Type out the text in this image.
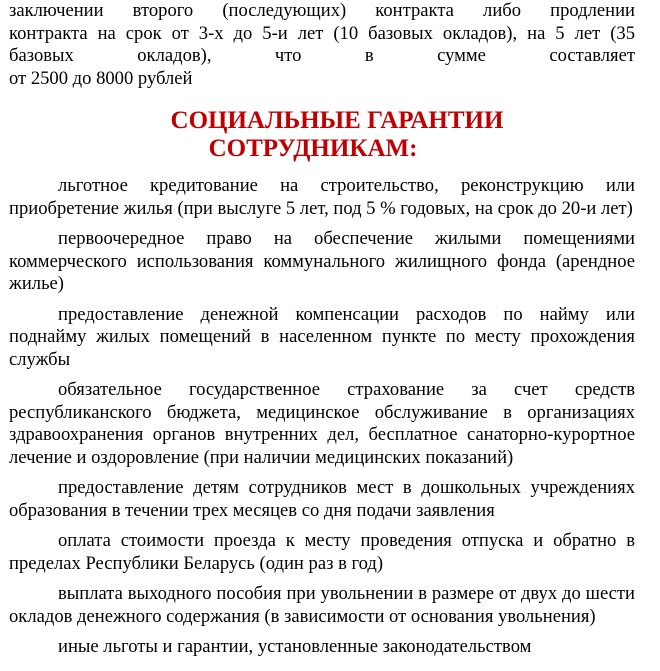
заключении второго (последующих) контракта либо продлении
контракта на срок от 3-х до 5-и лет (10 базовых окладов), на 5 лет (35
базовых окладов), что в сумме составляет
от 2500 до 8000 рублей

СОЦИАЛЬНЫЕ ГАРАНТИИ
СОТРУДНИКАМ:
льготное кредитование на строительство, реконструкцию или приобретение жилья (при выслуге 5 лет, под 5 % годовых, на срок до 20-и лет)
первоочередное право на обеспечение жилыми помещениями коммерческого использования коммунального жилищного фонда (арендное жилье)
предоставление денежной компенсации расходов по найму или поднайму жилых помещений в населенном пункте по месту прохождения службы
обязательное государственное страхование за счет средств республиканского бюджета, медицинское обслуживание в организациях здравоохранения органов внутренних дел, бесплатное санаторно-курортное лечение и оздоровление (при наличии медицинских показаний)
предоставление детям сотрудников мест в дошкольных учреждениях образования в течении трех месяцев со дня подачи заявления
оплата стоимости проезда к месту проведения отпуска и обратно в пределах Республики Беларусь (один раз в год)
выплата выходного пособия при увольнении в размере от двух до шести окладов денежного содержания (в зависимости от основания увольнения)
иные льготы и гарантии, установленные законодательством
